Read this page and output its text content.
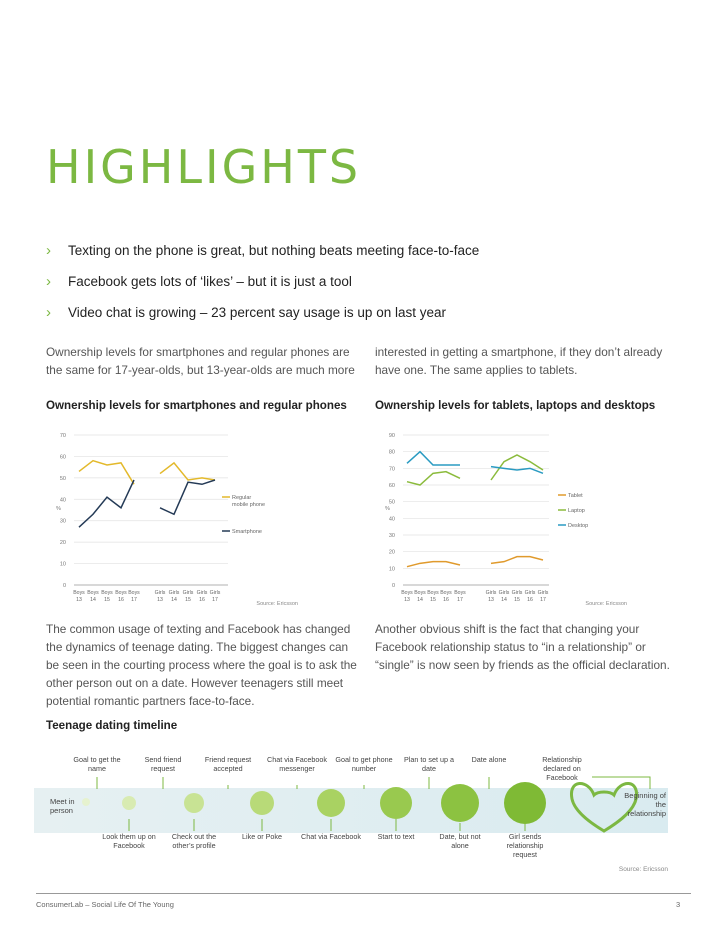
HIGHLIGHTS
›	Texting on the phone is great, but nothing beats meeting face-to-face
›	Facebook gets lots of ‘likes’ – but it is just a tool
›	Video chat is growing – 23 percent say usage is up on last year
Ownership levels for smartphones and regular phones are the same for 17-year-olds, but 13-year-olds are much more
interested in getting a smartphone, if they don’t already have one. The same applies to tablets.
Ownership levels for smartphones and regular phones Ownership levels for tablets, laptops and desktops
0
10
20
30
40
50
60
70
%
Boys
13
Boys
14
Boys
15
Boys
16
Boys
17
Girls
13
Girls
14
Girls
15
Girls
16
Girls
17
Regular
mobile phone
Smartphone
Source: Ericsson
0
10
20
30
40
50
60
70
80
90
%
Boys
13
Boys
14
Boys
15
Boys
16
Boys
17
Girls
13
Girls
14
Girls
15
Girls
16
Girls
17
Tablet
Laptop
Desktop
Source: Ericsson
The common usage of texting and Facebook has changed the dynamics of teenage dating. The biggest changes can be seen in the courting process where the goal is to ask the other person out on a date. However teenagers still meet potential romantic partners face-to-face.
Another obvious shift is the fact that changing your Facebook relationship status to “in a relationship” or “single” is now seen by friends as the official declaration.
Teenage dating timeline
Goal to get the name
Send friend request
Friend request accepted
Chat via Facebook messenger
Goal to get phone number
Plan to set up a date
Date alone	Relationship declared on Facebook
Meet in person
Beginning of the relationship
Look them up on Facebook
Check out the other’s profile
Like or Poke	Chat via Facebook	Start to text	Date, but not alone
Girl sends relationship request
Source: Ericsson
ConsumerLab – Social Life Of The Young	3
